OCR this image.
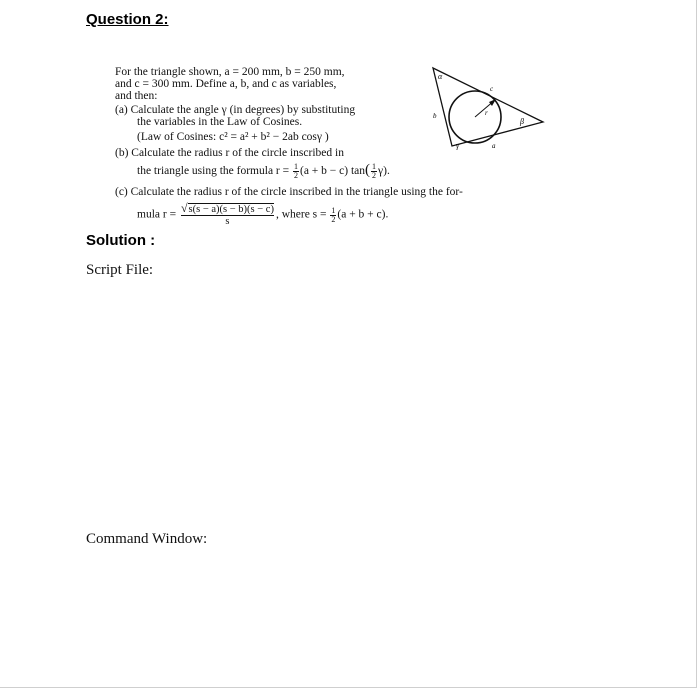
Question 2:
For the triangle shown, a = 200 mm, b = 250 mm,
and c = 300 mm. Define a, b, and c as variables,
and then:
(a) Calculate the angle γ (in degrees) by substituting
the variables in the Law of Cosines.
(Law of Cosines: c² = a² + b² − 2ab cosγ )
(b) Calculate the radius r of the circle inscribed in
the triangle using the formula $r = \frac{1}{2} (a + b - c)$ $\tan( \frac{1}{2} \gamma)$.
(c) Calculate the radius r of the circle inscribed in the triangle using the for-
mula $r = \frac{√s(s - a)(s - b)(s - c)}{s}$ , where $s = \frac{1}{2} (a + b + c)$.
α
β
γ	a
b
c
r
Solution :
Script File:
Command Window:
